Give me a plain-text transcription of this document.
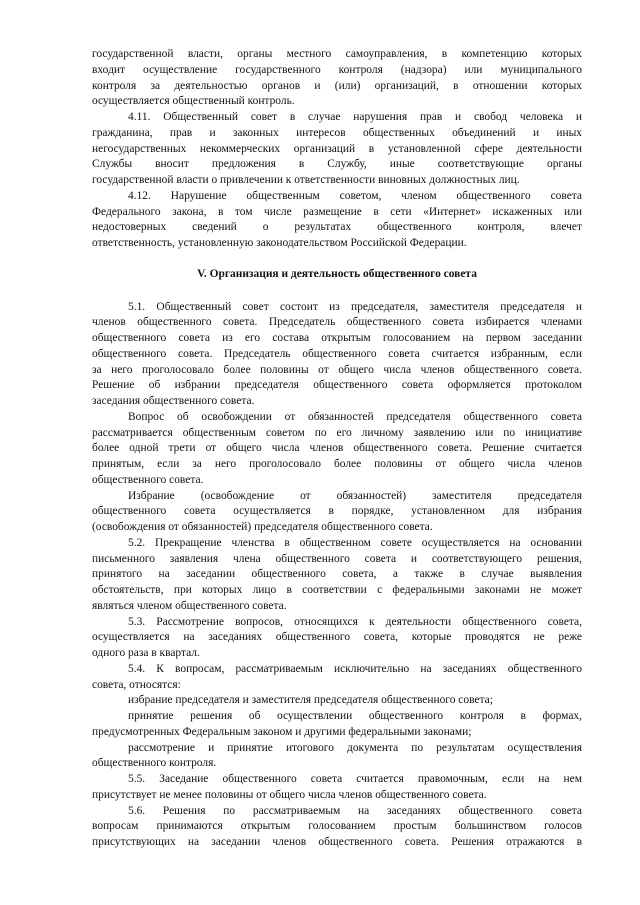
государственной власти, органы местного самоуправления, в компетенцию которых
входит осуществление государственного контроля (надзора) или муниципального
контроля за деятельностью органов и (или) организаций, в отношении которых
осуществляется общественный контроль.

4.11. Общественный совет в случае нарушения прав и свобод человека и
гражданина, прав и законных интересов общественных объединений и иных
негосударственных некоммерческих организаций в установленной сфере деятельности
Службы вносит предложения в Службу, иные соответствующие органы
государственной власти о привлечении к ответственности виновных должностных лиц.

4.12. Нарушение общественным советом, членом общественного совета
Федерального закона, в том числе размещение в сети «Интернет» искаженных или
недостоверных сведений о результатах общественного контроля, влечет
ответственность, установленную законодательством Российской Федерации.

V. Организация и деятельность общественного совета

5.1. Общественный совет состоит из председателя, заместителя председателя и
членов общественного совета. Председатель общественного совета избирается членами
общественного совета из его состава открытым голосованием на первом заседании
общественного совета. Председатель общественного совета считается избранным, если
за него проголосовало более половины от общего числа членов общественного совета.
Решение об избрании председателя общественного совета оформляется протоколом
заседания общественного совета.

Вопрос об освобождении от обязанностей председателя общественного совета
рассматривается общественным советом по его личному заявлению или по инициативе
более одной трети от общего числа членов общественного совета. Решение считается
принятым, если за него проголосовало более половины от общего числа членов
общественного совета.

Избрание (освобождение от обязанностей) заместителя председателя
общественного совета осуществляется в порядке, установленном для избрания
(освобождения от обязанностей) председателя общественного совета.

5.2. Прекращение членства в общественном совете осуществляется на основании
письменного заявления члена общественного совета и соответствующего решения,
принятого на заседании общественного совета, а также в случае выявления
обстоятельств, при которых лицо в соответствии с федеральными законами не может
являться членом общественного совета.

5.3. Рассмотрение вопросов, относящихся к деятельности общественного совета,
осуществляется на заседаниях общественного совета, которые проводятся не реже
одного раза в квартал.

5.4. К вопросам, рассматриваемым исключительно на заседаниях общественного
совета, относятся:

избрание председателя и заместителя председателя общественного совета;

принятие решения об осуществлении общественного контроля в формах,
предусмотренных Федеральным законом и другими федеральными законами;

рассмотрение и принятие итогового документа по результатам осуществления
общественного контроля.

5.5. Заседание общественного совета считается правомочным, если на нем
присутствует не менее половины от общего числа членов общественного совета.

5.6. Решения по рассматриваемым на заседаниях общественного совета
вопросам принимаются открытым голосованием простым большинством голосов
присутствующих на заседании членов общественного совета. Решения отражаются в
